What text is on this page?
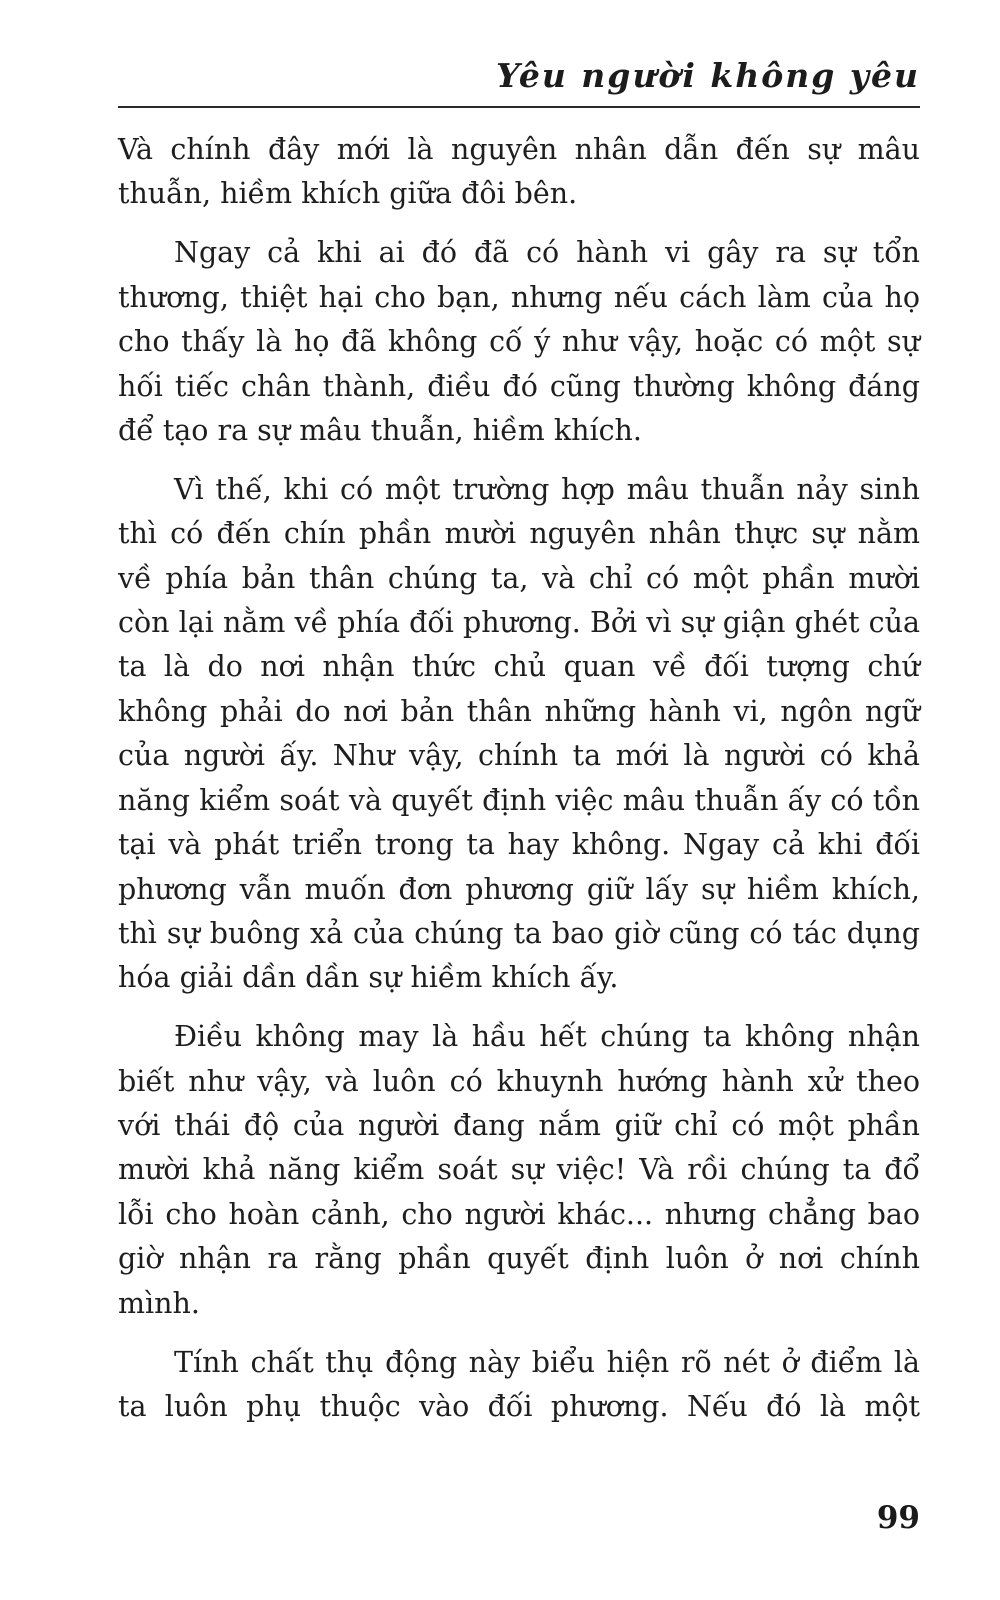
Yêu người không yêu

Và chính đây mới là nguyên nhân dẫn đến sự mâu thuẫn, hiềm khích giữa đôi bên.

Ngay cả khi ai đó đã có hành vi gây ra sự tổn thương, thiệt hại cho bạn, nhưng nếu cách làm của họ cho thấy là họ đã không cố ý như vậy, hoặc có một sự hối tiếc chân thành, điều đó cũng thường không đáng để tạo ra sự mâu thuẫn, hiềm khích.

Vì thế, khi có một trường hợp mâu thuẫn nảy sinh thì có đến chín phần mười nguyên nhân thực sự nằm về phía bản thân chúng ta, và chỉ có một phần mười còn lại nằm về phía đối phương. Bởi vì sự giận ghét của ta là do nơi nhận thức chủ quan về đối tượng chứ không phải do nơi bản thân những hành vi, ngôn ngữ của người ấy. Như vậy, chính ta mới là người có khả năng kiểm soát và quyết định việc mâu thuẫn ấy có tồn tại và phát triển trong ta hay không. Ngay cả khi đối phương vẫn muốn đơn phương giữ lấy sự hiềm khích, thì sự buông xả của chúng ta bao giờ cũng có tác dụng hóa giải dần dần sự hiềm khích ấy.

Điều không may là hầu hết chúng ta không nhận biết như vậy, và luôn có khuynh hướng hành xử theo với thái độ của người đang nắm giữ chỉ có một phần mười khả năng kiểm soát sự việc! Và rồi chúng ta đổ lỗi cho hoàn cảnh, cho người khác... nhưng chẳng bao giờ nhận ra rằng phần quyết định luôn ở nơi chính mình.

Tính chất thụ động này biểu hiện rõ nét ở điểm là ta luôn phụ thuộc vào đối phương. Nếu đó là một

99
